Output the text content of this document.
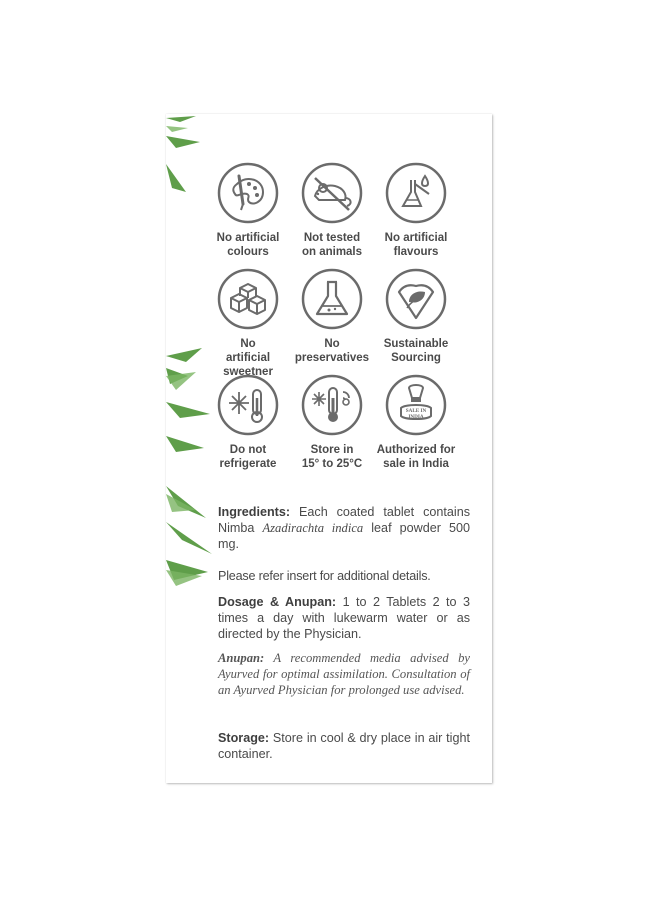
No artificial
colours
Not tested
on animals
No artificial
flavours
No
artificial sweetner
No
preservatives
Sustainable
Sourcing
Do not
refrigerate
Store in
15° to 25°C
SALE IN
INDIA
Authorized for
sale in India

Ingredients: Each coated tablet contains Nimba Azadirachta indica leaf powder 500 mg.

Please refer insert for additional details.

Dosage & Anupan: 1 to 2 Tablets 2 to 3 times a day with lukewarm water or as directed by the Physician.

Anupan: A recommended media advised by Ayurved for optimal assimilation. Consultation of an Ayurved Physician for prolonged use advised.

Storage: Store in cool & dry place in air tight container.
